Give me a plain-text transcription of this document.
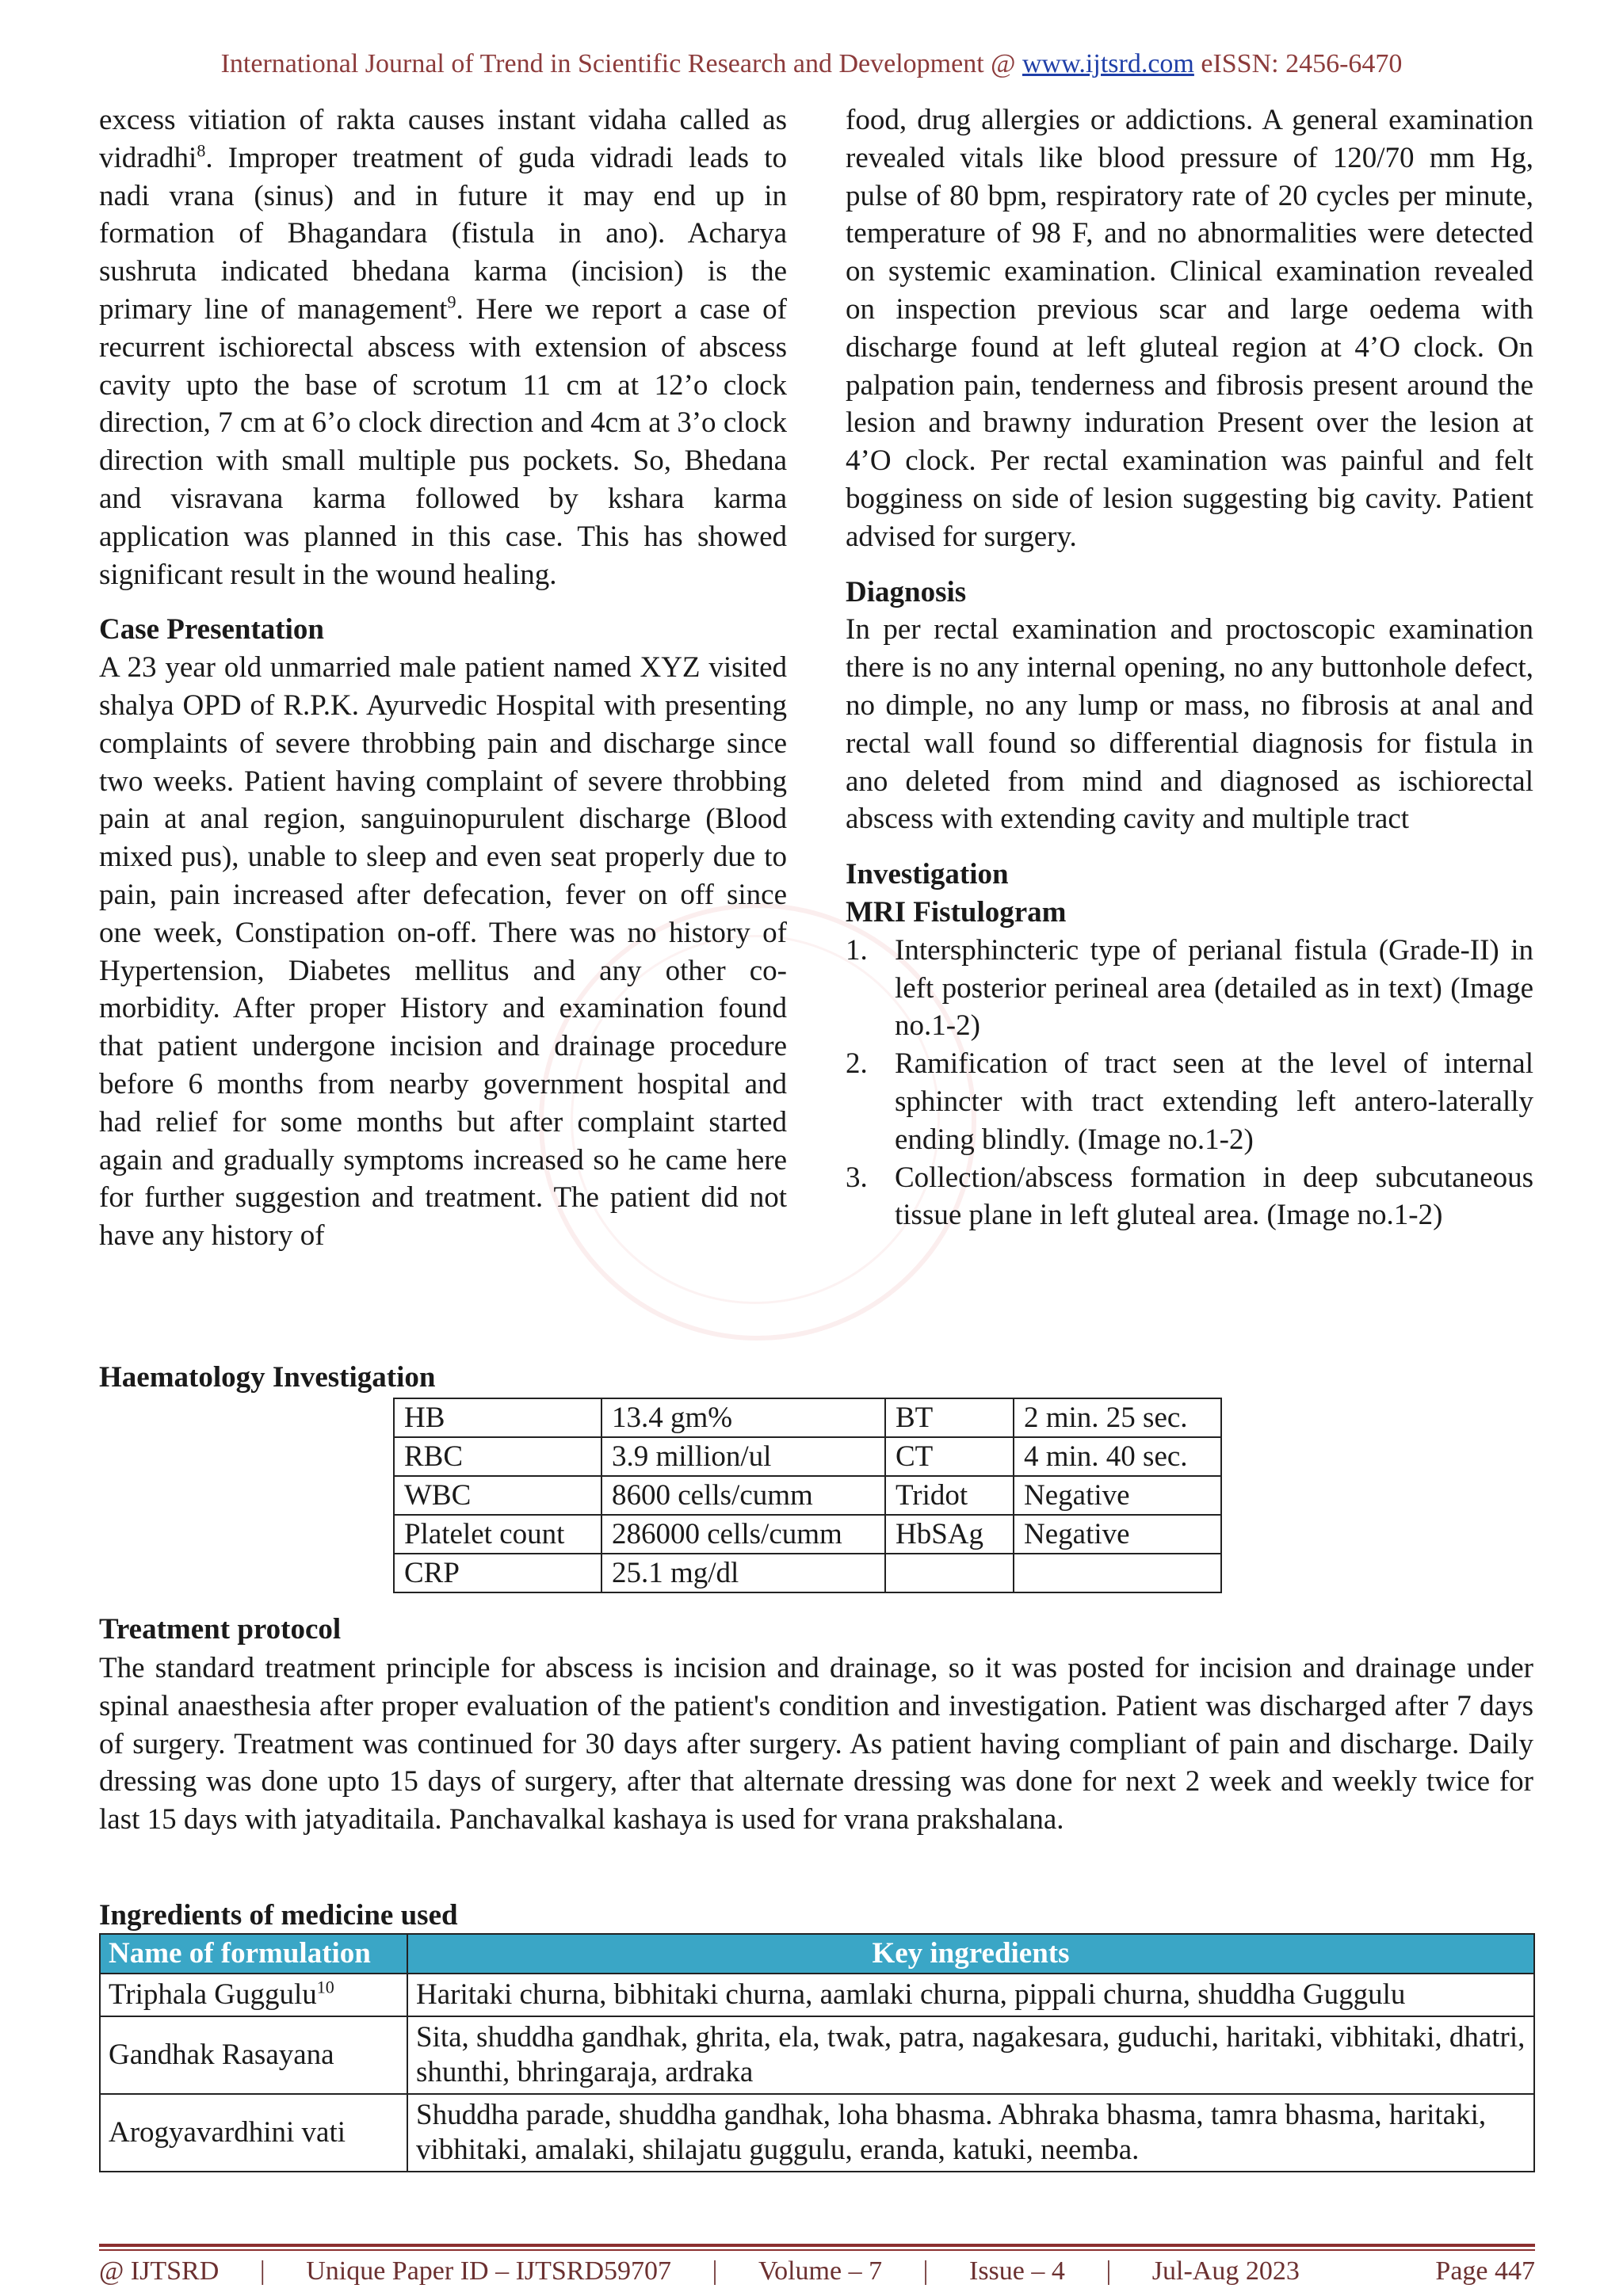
International Journal of Trend in Scientific Research and Development @ www.ijtsrd.com eISSN: 2456-6470

excess vitiation of rakta causes instant vidaha called as vidradhi$^8$. Improper treatment of guda vidradi leads to nadi vrana (sinus) and in future it may end up in formation of Bhagandara (fistula in ano). Acharya sushruta indicated bhedana karma (incision) is the primary line of management$^9$. Here we report a case of recurrent ischiorectal abscess with extension of abscess cavity upto the base of scrotum 11 cm at 12’o clock direction, 7 cm at 6’o clock direction and 4cm at 3’o clock direction with small multiple pus pockets. So, Bhedana and visravana karma followed by kshara karma application was planned in this case. This has showed significant result in the wound healing.

Case Presentation

A 23 year old unmarried male patient named XYZ visited shalya OPD of R.P.K. Ayurvedic Hospital with presenting complaints of severe throbbing pain and discharge since two weeks. Patient having complaint of severe throbbing pain at anal region, sanguinopurulent discharge (Blood mixed pus), unable to sleep and even seat properly due to pain, pain increased after defecation, fever on off since one week, Constipation on-off. There was no history of Hypertension, Diabetes mellitus and any other co-morbidity. After proper History and examination found that patient undergone incision and drainage procedure before 6 months from nearby government hospital and had relief for some months but after complaint started again and gradually symptoms increased so he came here for further suggestion and treatment. The patient did not have any history of

food, drug allergies or addictions. A general examination revealed vitals like blood pressure of 120/70 mm Hg, pulse of 80 bpm, respiratory rate of 20 cycles per minute, temperature of 98 F, and no abnormalities were detected on systemic examination. Clinical examination revealed on inspection previous scar and large oedema with discharge found at left gluteal region at 4’O clock. On palpation pain, tenderness and fibrosis present around the lesion and brawny induration Present over the lesion at 4’O clock. Per rectal examination was painful and felt bogginess on side of lesion suggesting big cavity. Patient advised for surgery.

Diagnosis

In per rectal examination and proctoscopic examination there is no any internal opening, no any buttonhole defect, no dimple, no any lump or mass, no fibrosis at anal and rectal wall found so differential diagnosis for fistula in ano deleted from mind and diagnosed as ischiorectal abscess with extending cavity and multiple tract

Investigation

MRI Fistulogram

1. Intersphincteric type of perianal fistula (Grade-II) in left posterior perineal area (detailed as in text) (Image no.1-2)
2. Ramification of tract seen at the level of internal sphincter with tract extending left antero-laterally ending blindly. (Image no.1-2)
3. Collection/abscess formation in deep subcutaneous tissue plane in left gluteal area. (Image no.1-2)
Haematology Investigation
HB	13.4 gm%	BT	2 min. 25 sec.
RBC	3.9 million/ul	CT	4 min. 40 sec.
WBC	8600 cells/cumm	Tridot	Negative
Platelet count	286000 cells/cumm	HbSAg	Negative
CRP	25.1 mg/dl		
Treatment protocol
The standard treatment principle for abscess is incision and drainage, so it was posted for incision and drainage under spinal anaesthesia after proper evaluation of the patient's condition and investigation. Patient was discharged after 7 days of surgery. Treatment was continued for 30 days after surgery. As patient having compliant of pain and discharge. Daily dressing was done upto 15 days of surgery, after that alternate dressing was done for next 2 week and weekly twice for last 15 days with jatyaditaila. Panchavalkal kashaya is used for vrana prakshalana.
Ingredients of medicine used
Name of formulation	Key ingredients
Triphala Guggulu$^{10}$	Haritaki churna, bibhitaki churna, aamlaki churna, pippali churna, shuddha Guggulu
Gandhak Rasayana	Sita, shuddha gandhak, ghrita, ela, twak, patra, nagakesara, guduchi, haritaki, vibhitaki, dhatri, shunthi, bhringaraja, ardraka
Arogyavardhini vati	Shuddha parade, shuddha gandhak, loha bhasma. Abhraka bhasma, tamra bhasma, haritaki, vibhitaki, amalaki, shilajatu guggulu, eranda, katuki, neemba.
@ IJTSRD | Unique Paper ID – IJTSRD59707 | Volume – 7 | Issue – 4 | Jul-Aug 2023	Page 447
